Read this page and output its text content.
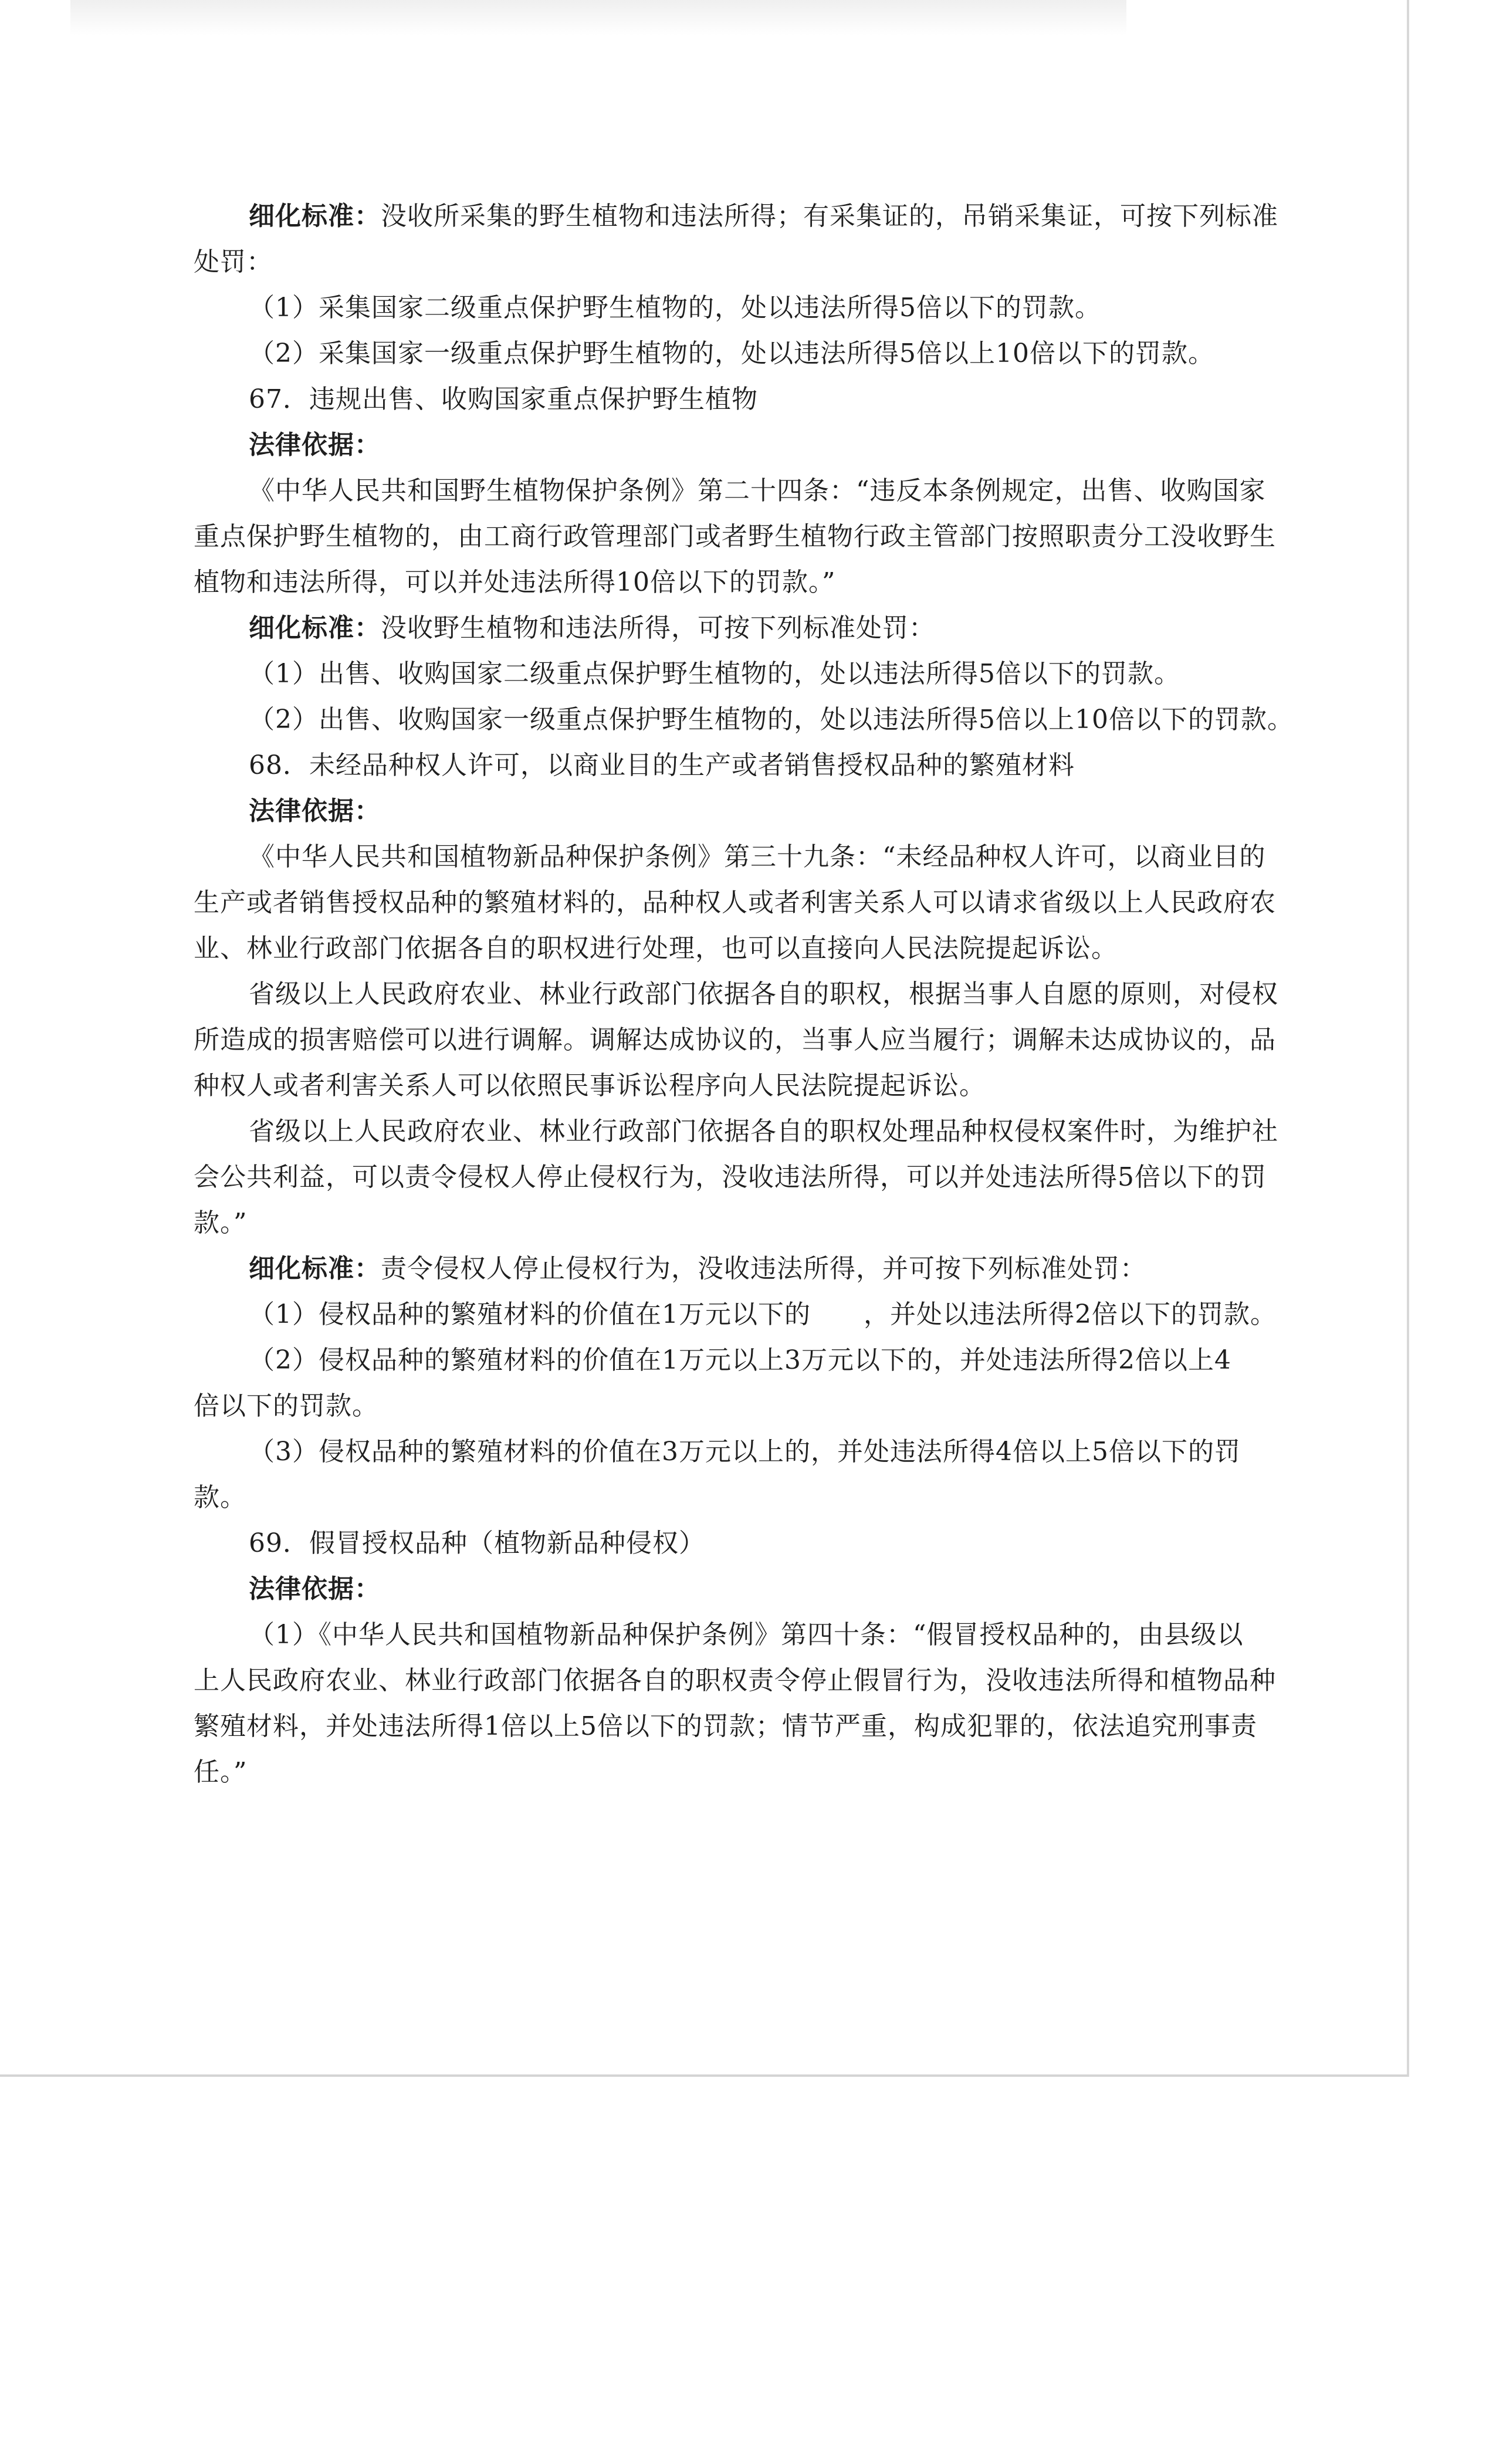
细化标准：没收所采集的野生植物和违法所得；有采集证的，吊销采集证，可按下列标准
处罚：
（1）采集国家二级重点保护野生植物的，处以违法所得5倍以下的罚款。
（2）采集国家一级重点保护野生植物的，处以违法所得5倍以上10倍以下的罚款。
67．违规出售、收购国家重点保护野生植物
法律依据：
《中华人民共和国野生植物保护条例》第二十四条：“违反本条例规定，出售、收购国家
重点保护野生植物的，由工商行政管理部门或者野生植物行政主管部门按照职责分工没收野生
植物和违法所得，可以并处违法所得10倍以下的罚款。”
细化标准：没收野生植物和违法所得，可按下列标准处罚：
（1）出售、收购国家二级重点保护野生植物的，处以违法所得5倍以下的罚款。
（2）出售、收购国家一级重点保护野生植物的，处以违法所得5倍以上10倍以下的罚款。
68．未经品种权人许可，以商业目的生产或者销售授权品种的繁殖材料
法律依据：
《中华人民共和国植物新品种保护条例》第三十九条：“未经品种权人许可，以商业目的
生产或者销售授权品种的繁殖材料的，品种权人或者利害关系人可以请求省级以上人民政府农
业、林业行政部门依据各自的职权进行处理，也可以直接向人民法院提起诉讼。
省级以上人民政府农业、林业行政部门依据各自的职权，根据当事人自愿的原则，对侵权
所造成的损害赔偿可以进行调解。调解达成协议的，当事人应当履行；调解未达成协议的，品
种权人或者利害关系人可以依照民事诉讼程序向人民法院提起诉讼。
省级以上人民政府农业、林业行政部门依据各自的职权处理品种权侵权案件时，为维护社
会公共利益，可以责令侵权人停止侵权行为，没收违法所得，可以并处违法所得5倍以下的罚
款。”
细化标准：责令侵权人停止侵权行为，没收违法所得，并可按下列标准处罚：
（1）侵权品种的繁殖材料的价值在1万元以下的　　，并处以违法所得2倍以下的罚款。
（2）侵权品种的繁殖材料的价值在1万元以上3万元以下的，并处违法所得2倍以上4
倍以下的罚款。
（3）侵权品种的繁殖材料的价值在3万元以上的，并处违法所得4倍以上5倍以下的罚
款。
69．假冒授权品种（植物新品种侵权）
法律依据：
（1）《中华人民共和国植物新品种保护条例》第四十条：“假冒授权品种的，由县级以
上人民政府农业、林业行政部门依据各自的职权责令停止假冒行为，没收违法所得和植物品种
繁殖材料，并处违法所得1倍以上5倍以下的罚款；情节严重，构成犯罪的，依法追究刑事责
任。”
